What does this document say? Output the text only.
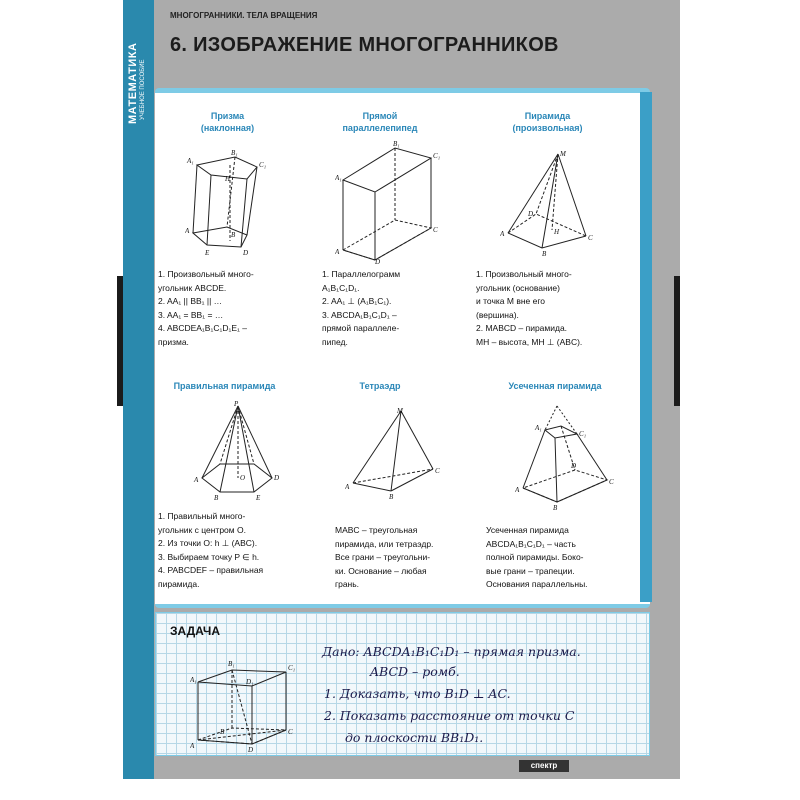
МАТЕМАТИКА УЧЕБНОЕ ПОСОБИЕ
МНОГОГРАННИКИ. ТЕЛА ВРАЩЕНИЯ
6. ИЗОБРАЖЕНИЕ МНОГОГРАННИКОВ
Призма
(наклонная)
Прямой
параллелепипед
Пирамида
(произвольная)
A₁
B₁
C₁
H
A	B
D
E
A₁
B₁
C₁
A
C
D
M
A
B
C
D
H
1. Произвольный много-
угольник ABCDE.
2. AA₁ || BB₁ || …
3. AA₁ = BB₁ = …
4. ABCDEA₁B₁C₁D₁E₁ –
призма.
1. Параллелограмм
A₁B₁C₁D₁.
2. AA₁ ⊥ (A₁B₁C₁).
3. ABCDA₁B₁C₁D₁ –
прямой параллеле-
пипед.
1. Произвольный много-
угольник (основание)
и точка M вне его
(вершина).
2. MABCD – пирамида.
MH – высота, MH ⊥ (ABC).
Правильная пирамида	Тетраэдр	Усеченная пирамида
P
A
B	E
D
O
M
A
C
B
A₁
C₁
A
B
C
D
1. Правильный много-
угольник с центром O.
2. Из точки O: h ⊥ (ABC).
3. Выбираем точку P ∈ h.
4. PABCDEF – правильная
пирамида.
MABC – треугольная
пирамида, или тетраэдр.
Все грани – треугольни-
ки. Основание – любая
грань.
Усеченная пирамида
ABCDA₁B₁C₁D₁ – часть
полной пирамиды. Боко-
вые грани – трапеции.
Основания параллельны.
ЗАДАЧА
A₁
B₁	C₁
D₁
B
A
C
D
Дано: ABCDA₁B₁C₁D₁ – прямая призма.
ABCD – ромб.
1. Доказать, что B₁D ⊥ AC.
2. Показать расстояние от точки C
до плоскости BB₁D₁.
спектр
